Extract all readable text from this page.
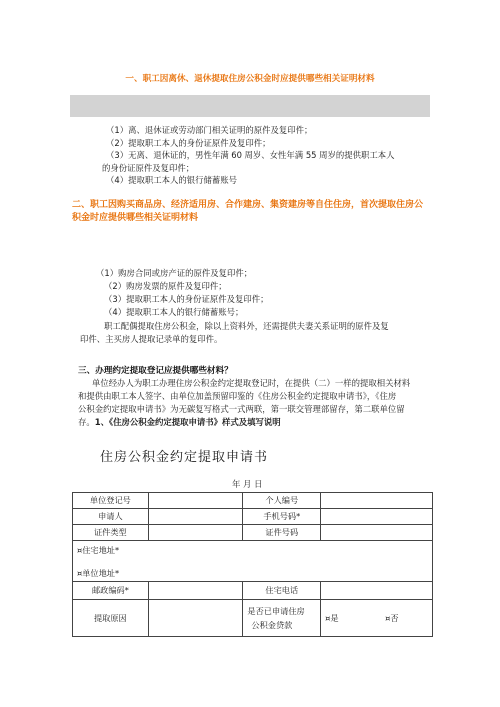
一、职工因离休、退休提取住房公积金时应提供哪些相关证明材料
（1）离、退休证或劳动部门相关证明的原件及复印件；
（2）提取职工本人的身份证原件及复印件；
（3）无离、退休证的，男性年满 60 周岁、女性年满 55 周岁的提供职工本人
的身份证原件及复印件；
（4）提取职工本人的银行储蓄账号
二、职工因购买商品房、经济适用房、合作建房、集资建房等自住住房，首次提取住房公
积金时应提供哪些相关证明材料
（1）购房合同或房产证的原件及复印件；
（2）购房发票的原件及复印件；
（3）提取职工本人的身份证原件及复印件；
（4）提取职工本人的银行储蓄账号；
职工配偶提取住房公积金，除以上资料外，还需提供夫妻关系证明的原件及复
印件、主买房人提取记录单的复印件。
三、办理约定提取登记应提供哪些材料？
单位经办人为职工办理住房公积金约定提取登记时，在提供（二）一样的提取相关材料
和提供由职工本人签字、由单位加盖预留印鉴的《住房公积金约定提取申请书》，《住房
公积金约定提取申请书》为无碳复写格式一式两联，第一联交管理部留存，第二联单位留
存。1、《住房公积金约定提取申请书》样式及填写说明
住房公积金约定提取申请书
年 月 日
单位登记号		个人编号	
申请人		手机号码*	
证件类型		证件号码	

¤住宅地址*
¤单位地址*			

邮政编码*		住宅电话	
提取原因		是否已申请住房
公积金贷款	¤是 ¤否
